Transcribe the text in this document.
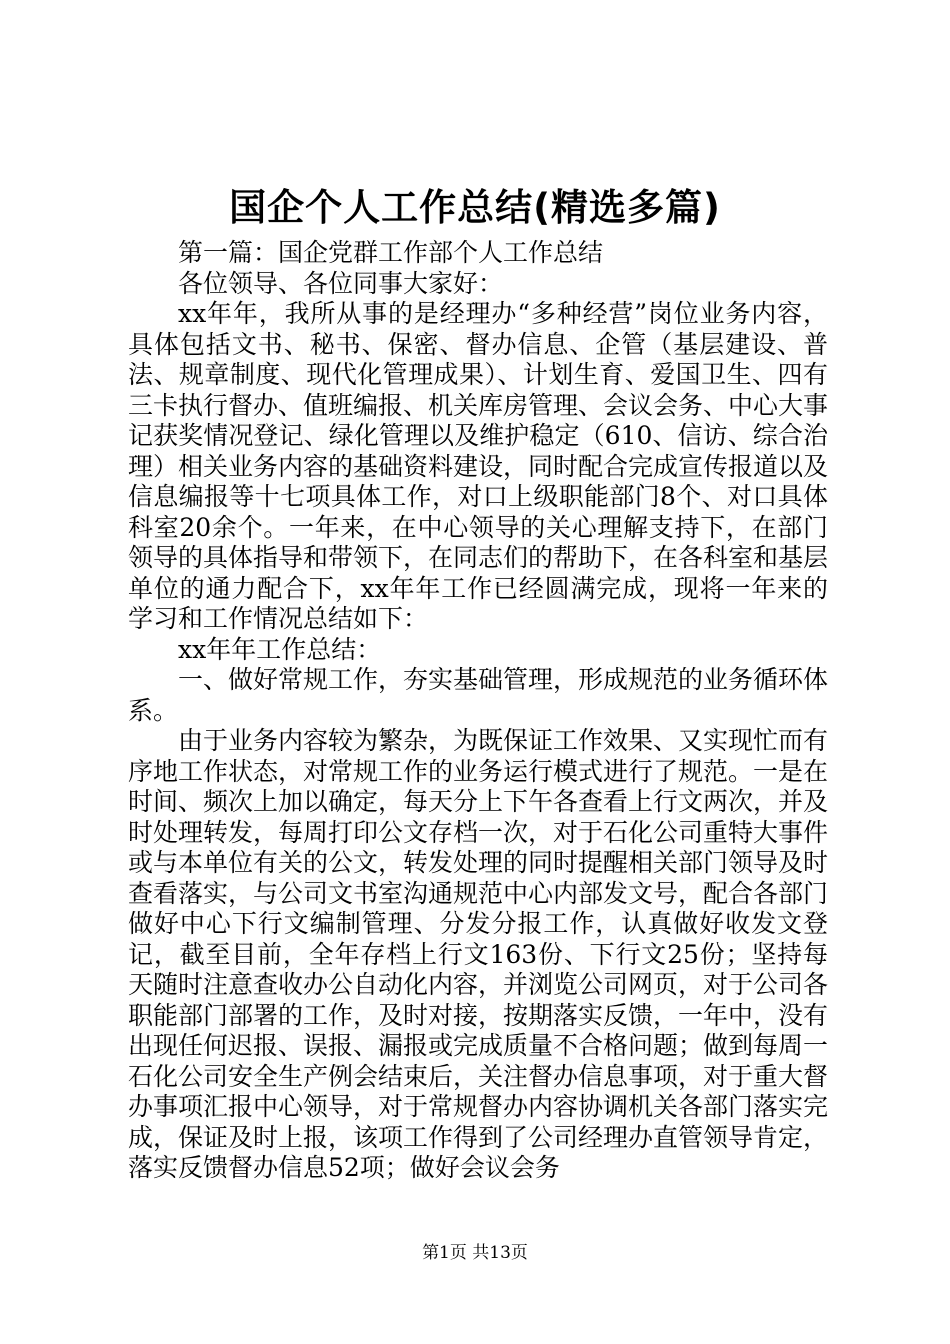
国企个人工作总结(精选多篇)

第一篇：国企党群工作部个人工作总结

各位领导、各位同事大家好：

xx年年，我所从事的是经理办“多种经营”岗位业务内容，具体包括文书、秘书、保密、督办信息、企管（基层建设、普法、规章制度、现代化管理成果）、计划生育、爱国卫生、四有三卡执行督办、值班编报、机关库房管理、会议会务、中心大事记获奖情况登记、绿化管理以及维护稳定（610、信访、综合治理）相关业务内容的基础资料建设，同时配合完成宣传报道以及信息编报等十七项具体工作，对口上级职能部门8个、对口具体科室20余个。一年来，在中心领导的关心理解支持下，在部门领导的具体指导和带领下，在同志们的帮助下，在各科室和基层单位的通力配合下，xx年年工作已经圆满完成，现将一年来的学习和工作情况总结如下：

xx年年工作总结：

一、做好常规工作，夯实基础管理，形成规范的业务循环体系。

由于业务内容较为繁杂，为既保证工作效果、又实现忙而有序地工作状态，对常规工作的业务运行模式进行了规范。一是在时间、频次上加以确定，每天分上下午各查看上行文两次，并及时处理转发，每周打印公文存档一次，对于石化公司重特大事件或与本单位有关的公文，转发处理的同时提醒相关部门领导及时查看落实，与公司文书室沟通规范中心内部发文号，配合各部门做好中心下行文编制管理、分发分报工作，认真做好收发文登记，截至目前，全年存档上行文163份、下行文25份；坚持每天随时注意查收办公自动化内容，并浏览公司网页，对于公司各职能部门部署的工作，及时对接，按期落实反馈，一年中，没有出现任何迟报、误报、漏报或完成质量不合格问题；做到每周一石化公司安全生产例会结束后，关注督办信息事项，对于重大督办事项汇报中心领导，对于常规督办内容协调机关各部门落实完成，保证及时上报，该项工作得到了公司经理办直管领导肯定，落实反馈督办信息52项；做好会议会务

第1页 共13页
